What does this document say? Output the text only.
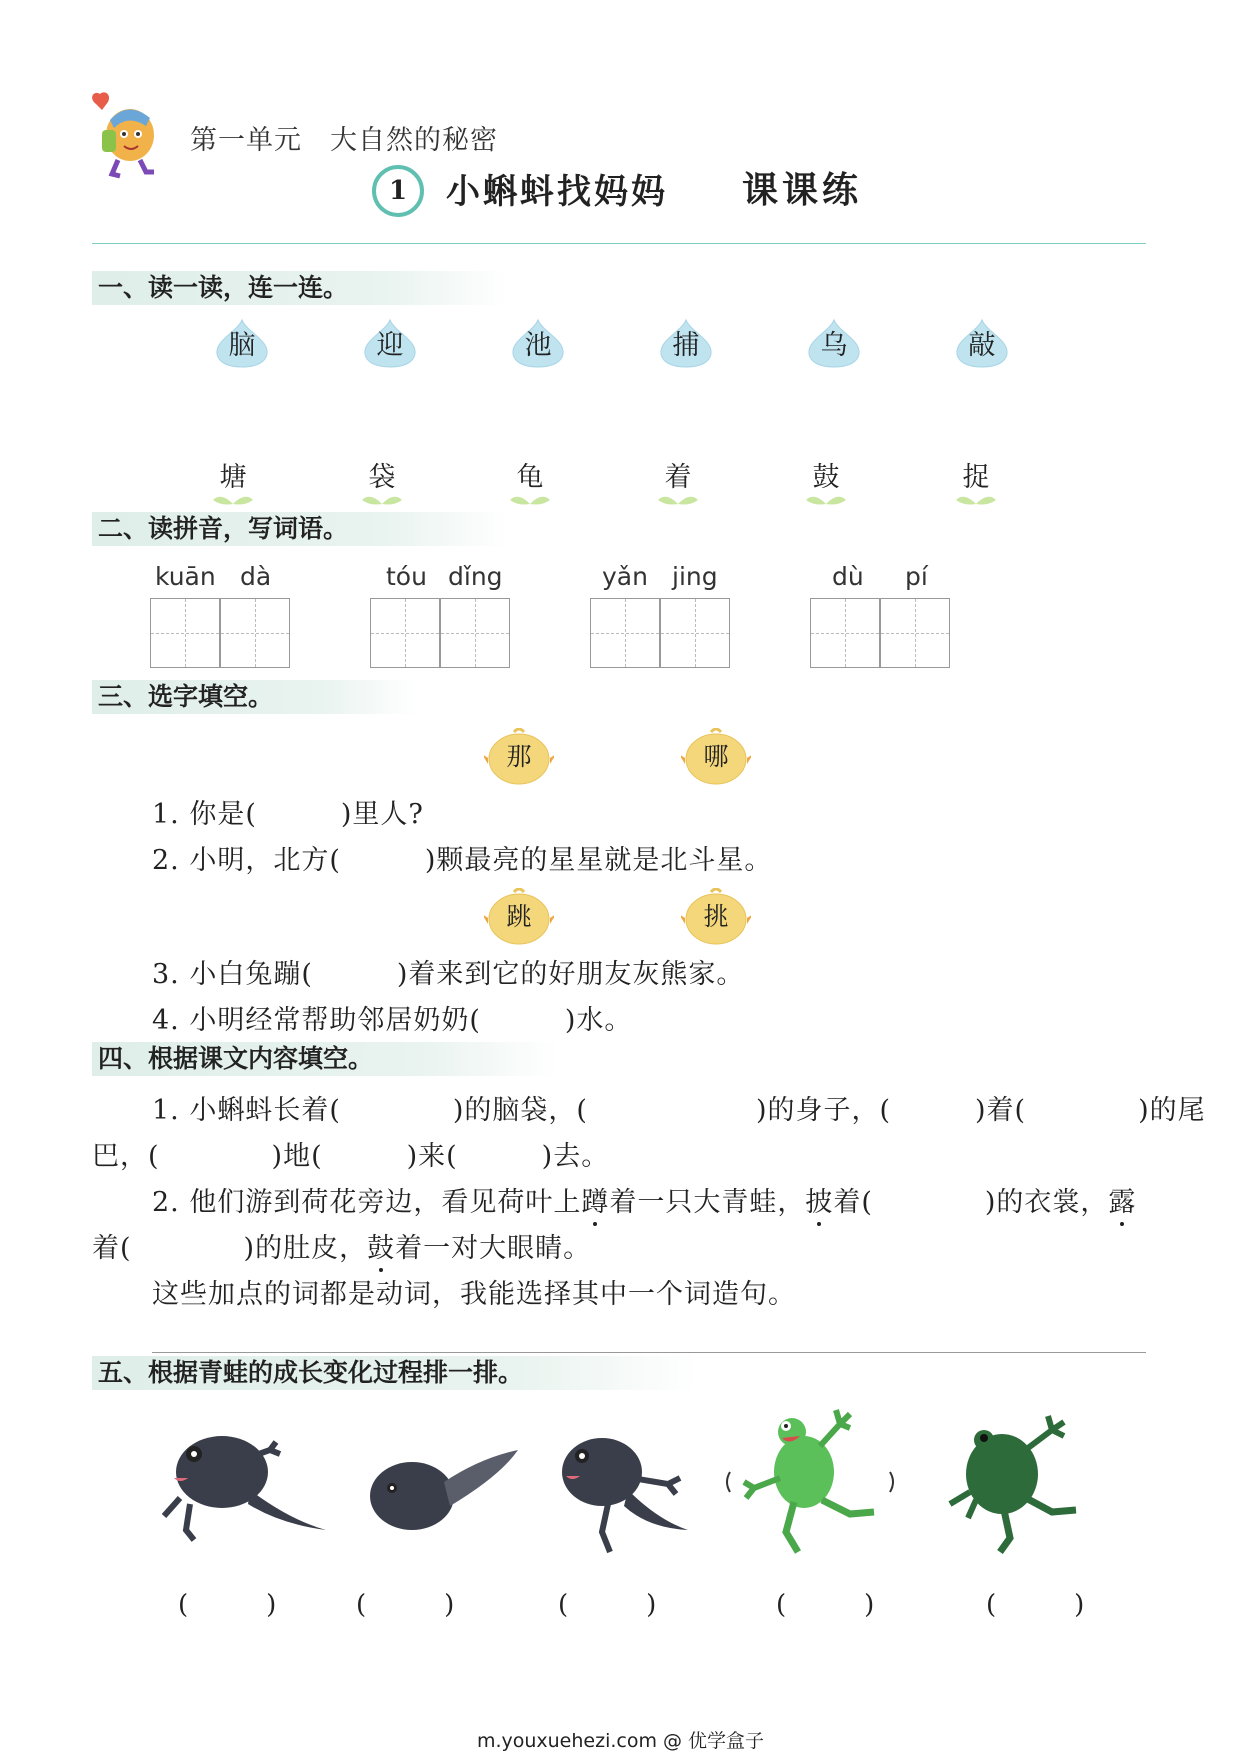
第一单元　大自然的秘密
1	小蝌蚪找妈妈 课课练
一、读一读，连一连。
脑	迎	池	捕	乌	敲
塘	袋	龟	着	鼓	捉
二、读拼音，写词语。
kuān dà	tóu dǐng	yǎn jing	dù pí
三、选字填空。
那	哪
1. 你是(　　　)里人?
2. 小明，北方(　　　)颗最亮的星星就是北斗星。
跳	挑
3. 小白兔蹦(　　　)着来到它的好朋友灰熊家。
4. 小明经常帮助邻居奶奶(　　　)水。
四、根据课文内容填空。
1. 小蝌蚪长着(　　　　)的脑袋，(　　　　　　)的身子，(　　　)着(　　　　)的尾
巴，(　　　　)地(　　　)来(　　　)去。
2. 他们游到荷花旁边，看见荷叶上蹲着一只大青蛙，披着(　　　　)的衣裳，露
着(　　　　)的肚皮，鼓着一对大眼睛。
这些加点的词都是动词，我能选择其中一个词造句。
五、根据青蛙的成长变化过程排一排。
(　　　)	(　　　)	(　　　)	(　　　)	(　　　)
m.youxuehezi.com @ 优学盒子
